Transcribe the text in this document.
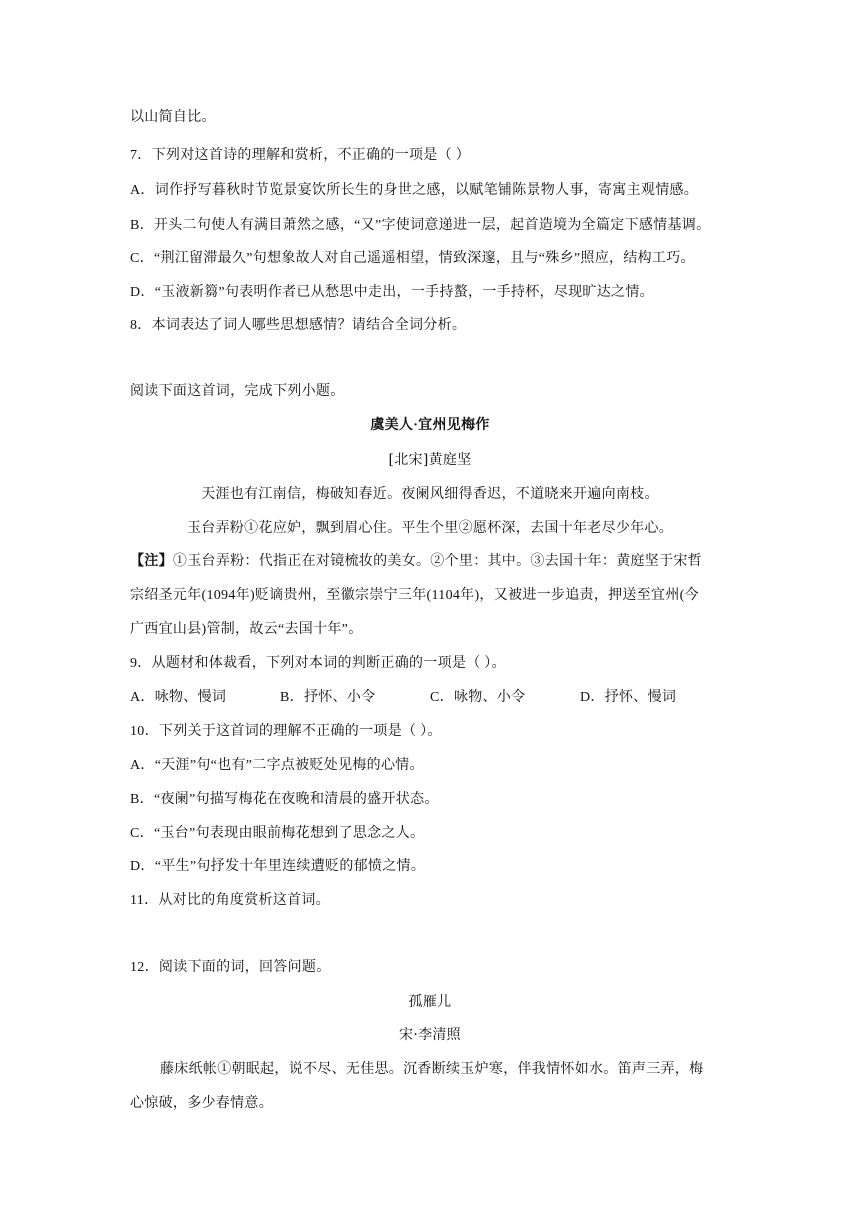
以山简自比。
7．下列对这首诗的理解和赏析，不正确的一项是（ ）
A．词作抒写暮秋时节览景宴饮所长生的身世之感，以赋笔铺陈景物人事，寄寓主观情感。
B．开头二句使人有满目萧然之感，“又”字使词意递进一层，起首造境为全篇定下感情基调。
C．“荆江留滞最久”句想象故人对自己遥遥相望，情致深邃，且与“殊乡”照应，结构工巧。
D．“玉液新篘”句表明作者已从愁思中走出，一手持螯，一手持杯，尽现旷达之情。
8．本词表达了词人哪些思想感情？请结合全词分析。
阅读下面这首词，完成下列小题。
虞美人·宜州见梅作
[北宋]黄庭坚
天涯也有江南信，梅破知春近。夜阑风细得香迟，不道晓来开遍向南枝。
玉台弄粉①花应妒，飘到眉心住。平生个里②愿杯深，去国十年老尽少年心。
【注】①玉台弄粉：代指正在对镜梳妆的美女。②个里：其中。③去国十年：黄庭坚于宋哲
宗绍圣元年(1094年)贬谪贵州，至徽宗崇宁三年(1104年)，又被进一步追责，押送至宜州(今
广西宜山县)管制，故云“去国十年”。
9．从题材和体裁看，下列对本词的判断正确的一项是（ ）。
A．咏物、慢词	B．抒怀、小令	C．咏物、小令	D．抒怀、慢词
10．下列关于这首词的理解不正确的一项是（ ）。
A．“天涯”句“也有”二字点被贬处见梅的心情。
B．“夜阑”句描写梅花在夜晚和清晨的盛开状态。
C．“玉台”句表现由眼前梅花想到了思念之人。
D．“平生”句抒发十年里连续遭贬的郁愤之情。
11．从对比的角度赏析这首词。
12．阅读下面的词，回答问题。
孤雁儿
宋·李清照
藤床纸帐①朝眠起，说不尽、无佳思。沉香断续玉炉寒，伴我情怀如水。笛声三弄，梅
心惊破，多少春情意。
